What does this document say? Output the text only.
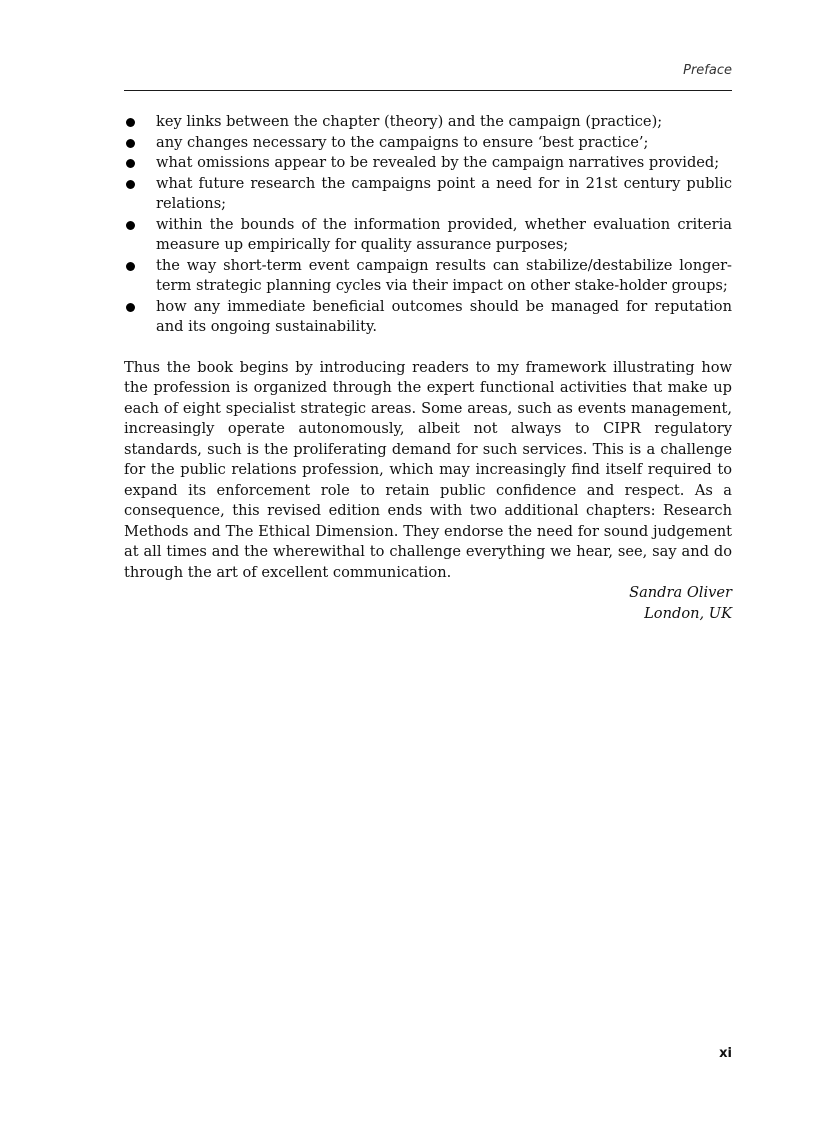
Preface
key links between the chapter (theory) and the campaign (practice);
any changes necessary to the campaigns to ensure ‘best practice’;
what omissions appear to be revealed by the campaign narratives provided;
what future research the campaigns point a need for in 21st century public relations;
within the bounds of the information provided, whether evaluation criteria measure up empirically for quality assurance purposes;
the way short-term event campaign results can stabilize/destabilize longer-term strategic planning cycles via their impact on other stake-holder groups;
how any immediate beneficial outcomes should be managed for reputation and its ongoing sustainability.

Thus the book begins by introducing readers to my framework illustrating how the profession is organized through the expert functional activities that make up each of eight specialist strategic areas. Some areas, such as events management, increasingly operate autonomously, albeit not always to CIPR regulatory standards, such is the proliferating demand for such services. This is a challenge for the public relations profession, which may increasingly find itself required to expand its enforcement role to retain public confidence and respect. As a consequence, this revised edition ends with two additional chapters: Research Methods and The Ethical Dimension. They endorse the need for sound judgement at all times and the wherewithal to challenge everything we hear, see, say and do through the art of excellent communication.

Sandra Oliver
London, UK
xi
